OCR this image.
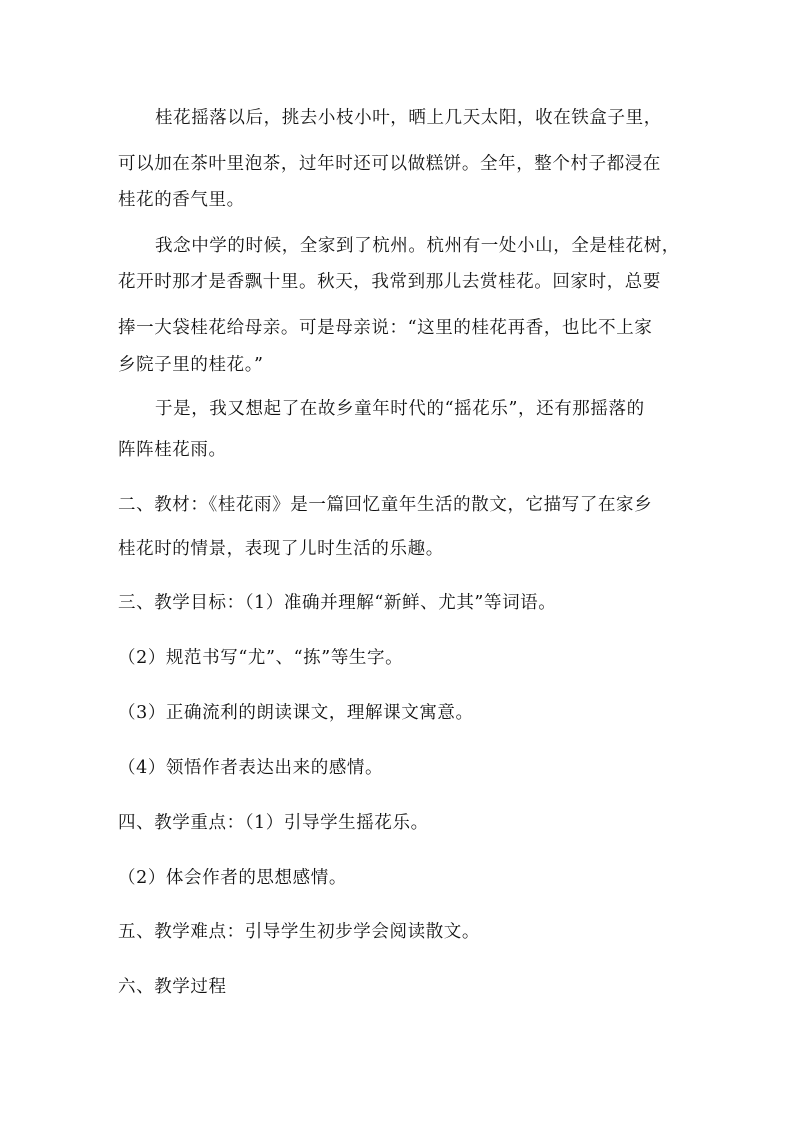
桂花摇落以后，挑去小枝小叶，晒上几天太阳，收在铁盒子里，
可以加在茶叶里泡茶，过年时还可以做糕饼。全年，整个村子都浸在
桂花的香气里。
我念中学的时候，全家到了杭州。杭州有一处小山，全是桂花树，
花开时那才是香飘十里。秋天，我常到那儿去赏桂花。回家时，总要
捧一大袋桂花给母亲。可是母亲说：“这里的桂花再香，也比不上家
乡院子里的桂花。”
于是，我又想起了在故乡童年时代的“摇花乐”，还有那摇落的
阵阵桂花雨。
二、教材：《桂花雨》是一篇回忆童年生活的散文，它描写了在家乡
桂花时的情景，表现了儿时生活的乐趣。
三、教学目标：（1）准确并理解“新鲜、尤其”等词语。
（2）规范书写“尤”、“拣”等生字。
（3）正确流利的朗读课文，理解课文寓意。
（4）领悟作者表达出来的感情。
四、教学重点：（1）引导学生摇花乐。
（2）体会作者的思想感情。
五、教学难点：引导学生初步学会阅读散文。
六、教学过程
